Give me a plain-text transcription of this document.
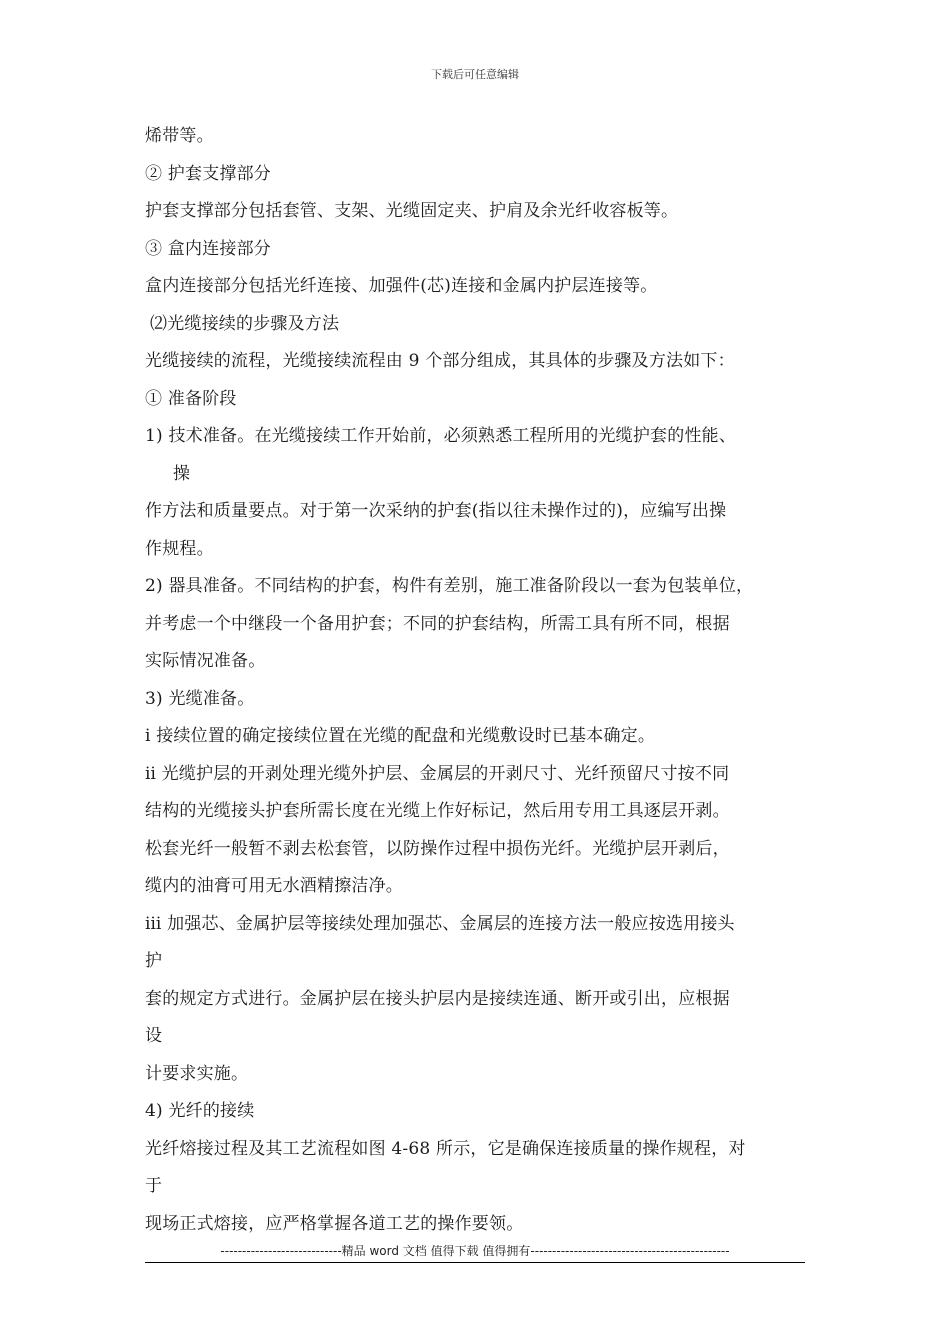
下载后可任意编辑
烯带等。
② 护套支撑部分
护套支撑部分包括套管、支架、光缆固定夹、护肩及余光纤收容板等。
③ 盒内连接部分
盒内连接部分包括光纤连接、加强件(芯)连接和金属内护层连接等。
⑵光缆接续的步骤及方法
光缆接续的流程，光缆接续流程由 9 个部分组成，其具体的步骤及方法如下：
① 准备阶段
1) 技术准备。在光缆接续工作开始前，必须熟悉工程所用的光缆护套的性能、
操
作方法和质量要点。对于第一次采纳的护套(指以往未操作过的)，应编写出操
作规程。
2) 器具准备。不同结构的护套，构件有差别，施工准备阶段以一套为包装单位，
并考虑一个中继段一个备用护套；不同的护套结构，所需工具有所不同，根据
实际情况准备。
3) 光缆准备。
ⅰ 接续位置的确定接续位置在光缆的配盘和光缆敷设时已基本确定。
ⅱ 光缆护层的开剥处理光缆外护层、金属层的开剥尺寸、光纤预留尺寸按不同
结构的光缆接头护套所需长度在光缆上作好标记，然后用专用工具逐层开剥。
松套光纤一般暂不剥去松套管，以防操作过程中损伤光纤。光缆护层开剥后，
缆内的油膏可用无水酒精擦洁净。
ⅲ 加强芯、金属护层等接续处理加强芯、金属层的连接方法一般应按选用接头
护
套的规定方式进行。金属护层在接头护层内是接续连通、断开或引出，应根据
设
计要求实施。
4) 光纤的接续
光纤熔接过程及其工艺流程如图 4-68 所示，它是确保连接质量的操作规程，对
于
现场正式熔接，应严格掌握各道工艺的操作要领。
----------------------------精品 word 文档 值得下载 值得拥有----------------------------------------------
